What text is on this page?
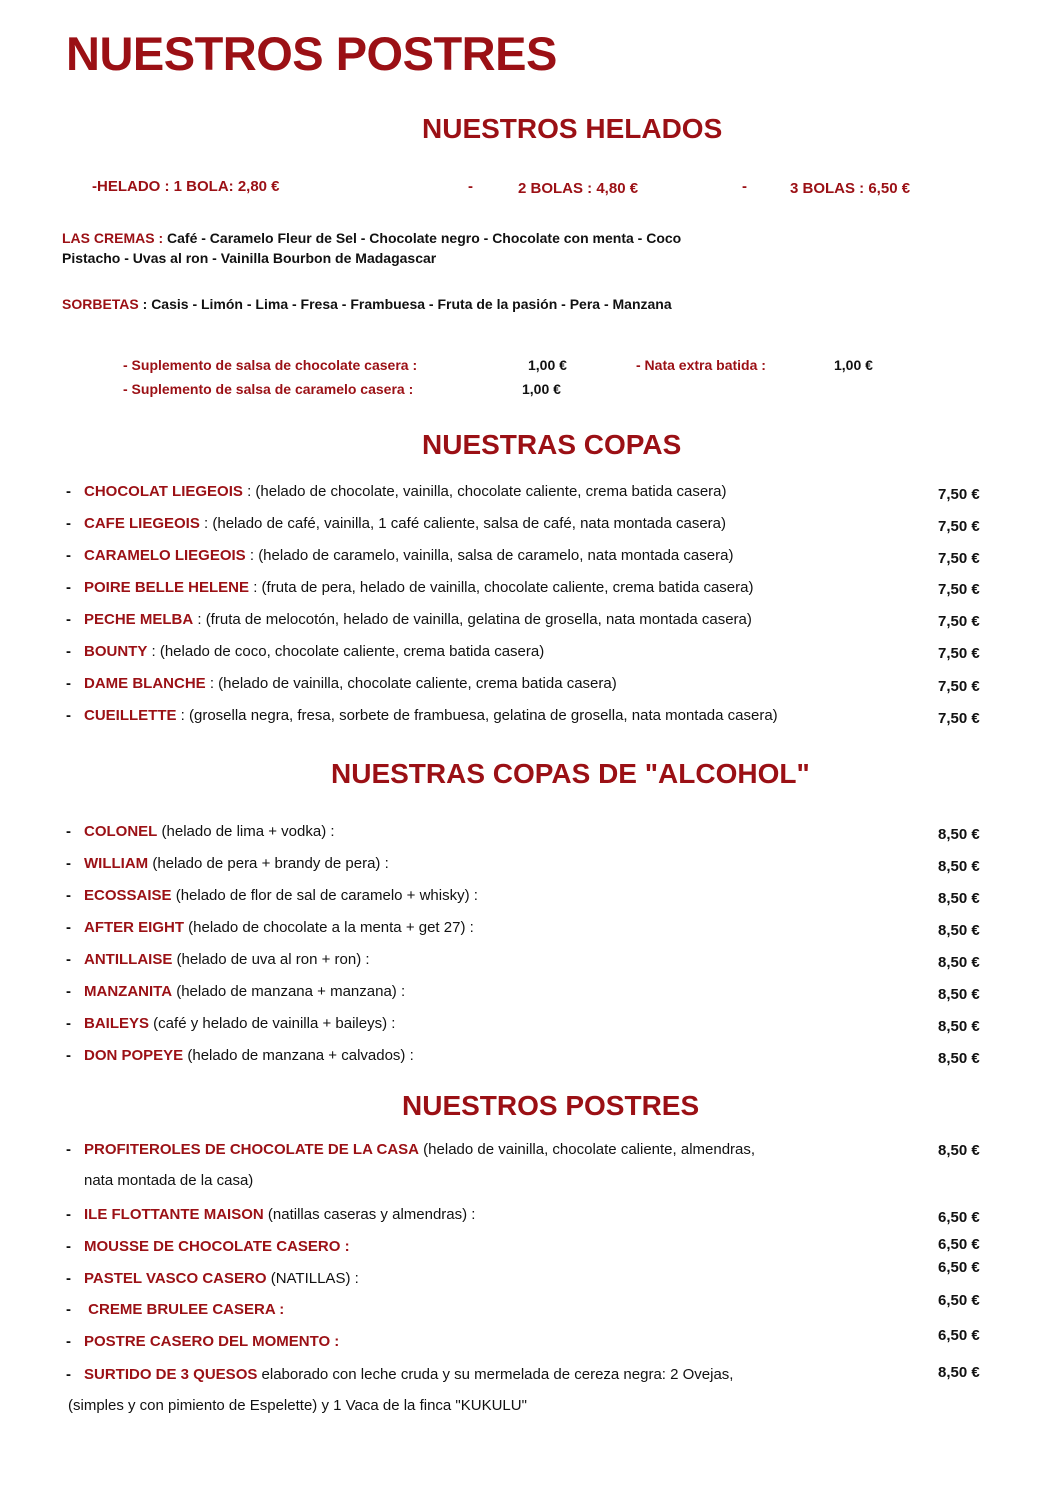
NUESTROS POSTRES
NUESTROS HELADOS
-HELADO : 1 BOLA: 2,80 €	-	2 BOLAS : 4,80 €	-	3 BOLAS : 6,50 €
LAS CREMAS : Café - Caramelo Fleur de Sel - Chocolate negro - Chocolate con menta - Coco
Pistacho - Uvas al ron - Vainilla Bourbon de Madagascar
SORBETAS : Casis - Limón - Lima - Fresa - Frambuesa - Fruta de la pasión - Pera - Manzana
- Suplemento de salsa de chocolate casera :	1,00 €	- Nata extra batida :	1,00 €
- Suplemento de salsa de caramelo casera :	1,00 €
NUESTRAS COPAS
- CHOCOLAT LIEGEOIS : (helado de chocolate, vainilla, chocolate caliente, crema batida casera)	7,50 €
- CAFE LIEGEOIS : (helado de café, vainilla, 1 café caliente, salsa de café, nata montada casera)	7,50 €
- CARAMELO LIEGEOIS : (helado de caramelo, vainilla, salsa de caramelo, nata montada casera)	7,50 €
- POIRE BELLE HELENE : (fruta de pera, helado de vainilla, chocolate caliente, crema batida casera)	7,50 €
- PECHE MELBA : (fruta de melocotón, helado de vainilla, gelatina de grosella, nata montada casera)	7,50 €
- BOUNTY : (helado de coco, chocolate caliente, crema batida casera)	7,50 €
- DAME BLANCHE : (helado de vainilla, chocolate caliente, crema batida casera)	7,50 €
- CUEILLETTE : (grosella negra, fresa, sorbete de frambuesa, gelatina de grosella, nata montada casera)	7,50 €
NUESTRAS COPAS DE "ALCOHOL"
- COLONEL (helado de lima + vodka) :	8,50 €
- WILLIAM (helado de pera + brandy de pera) :	8,50 €
- ECOSSAISE (helado de flor de sal de caramelo + whisky) :	8,50 €
- AFTER EIGHT (helado de chocolate a la menta + get 27) :	8,50 €
- ANTILLAISE (helado de uva al ron + ron) :	8,50 €
- MANZANITA (helado de manzana + manzana) :	8,50 €
- BAILEYS (café y helado de vainilla + baileys) :	8,50 €
- DON POPEYE (helado de manzana + calvados) :	8,50 €
NUESTROS POSTRES
- PROFITEROLES DE CHOCOLATE DE LA CASA (helado de vainilla, chocolate caliente, almendras,
nata montada de la casa)
8,50 €
- ILE FLOTTANTE MAISON (natillas caseras y almendras) :	6,50 €
- MOUSSE DE CHOCOLATE CASERO :	6,50 €
- PASTEL VASCO CASERO (NATILLAS) :
6,50 €
- CREME BRULEE CASERA :
6,50 €
- POSTRE CASERO DEL MOMENTO :	6,50 €
- SURTIDO DE 3 QUESOS elaborado con leche cruda y su mermelada de cereza negra: 2 Ovejas,
(simples y con pimiento de Espelette) y 1 Vaca de la finca "KUKULU"
8,50 €
